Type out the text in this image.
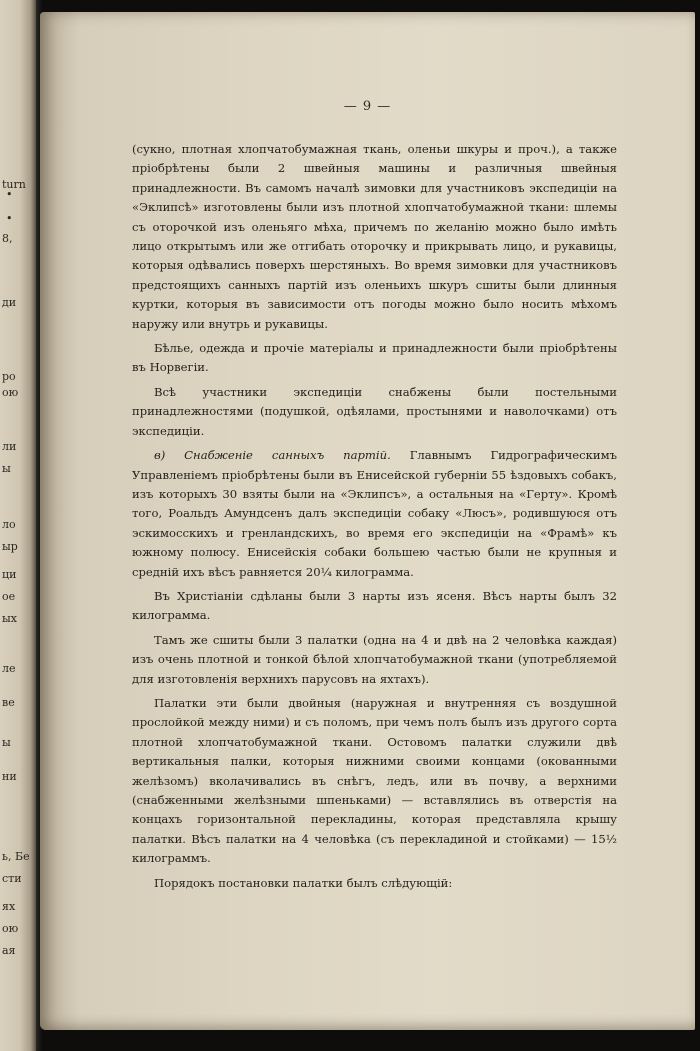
turn
•
•
8,
ди
ро
ою
ли
ы
ло
ыр
ци
ое
ых
ле
ве
ы
ни
ь, Бе
сти
ях
ою
ая
— 9 —

(сукно, плотная хлопчатобумажная ткань, оленьи шкуры и проч.), а также пріобрѣтены были 2 швейныя машины и различныя швейныя принадлежности. Въ самомъ началѣ зимовки для участниковъ экспедиціи на «Эклипсѣ» изготовлены были изъ плотной хлопчатобумажной ткани: шлемы съ оторочкой изъ оленьяго мѣха, причемъ по желанію можно было имѣть лицо открытымъ или же отгибать оторочку и прикрывать лицо, и рукавицы, которыя одѣвались поверхъ шерстяныхъ. Во время зимовки для участниковъ предстоящихъ санныхъ партій изъ оленьихъ шкуръ сшиты были длинныя куртки, которыя въ зависимости отъ погоды можно было носить мѣхомъ наружу или внутрь и рукавицы.

Бѣлье, одежда и прочіе матеріалы и принадлежности были пріобрѣтены въ Норвегіи.

Всѣ участники экспедиціи снабжены были постельными принадлежностями (подушкой, одѣялами, простынями и наволочками) отъ экспедиціи.

в) Снабженіе санныхъ партій. Главнымъ Гидрографическимъ Управленіемъ пріобрѣтены были въ Енисейской губерніи 55 ѣздовыхъ собакъ, изъ которыхъ 30 взяты были на «Эклипсъ», а остальныя на «Герту». Кромѣ того, Роальдъ Амундсенъ далъ экспедиціи собаку «Люсъ», родившуюся отъ эскимосскихъ и гренландскихъ, во время его экспедиціи на «Фрамѣ» къ южному полюсу. Енисейскія собаки большею частью были не крупныя и средній ихъ вѣсъ равняется 20¼ килограмма.

Въ Христіаніи сдѣланы были 3 нарты изъ ясеня. Вѣсъ нарты былъ 32 килограмма.

Тамъ же сшиты были 3 палатки (одна на 4 и двѣ на 2 человѣка каждая) изъ очень плотной и тонкой бѣлой хлопчатобумажной ткани (употребляемой для изготовленія верхнихъ парусовъ на яхтахъ).

Палатки эти были двойныя (наружная и внутренняя съ воздушной прослойкой между ними) и съ поломъ, при чемъ полъ былъ изъ другого сорта плотной хлопчатобумажной ткани. Остовомъ палатки служили двѣ вертикальныя палки, которыя нижними своими концами (окованными желѣзомъ) вколачивались въ снѣгъ, ледъ, или въ почву, а верхними (снабженными желѣзными шпеньками) — вставлялись въ отверстія на концахъ горизонтальной перекладины, которая представляла крышу палатки. Вѣсъ палатки на 4 человѣка (съ перекладиной и стойками) — 15½ килограммъ.

Порядокъ постановки палатки былъ слѣдующій:
